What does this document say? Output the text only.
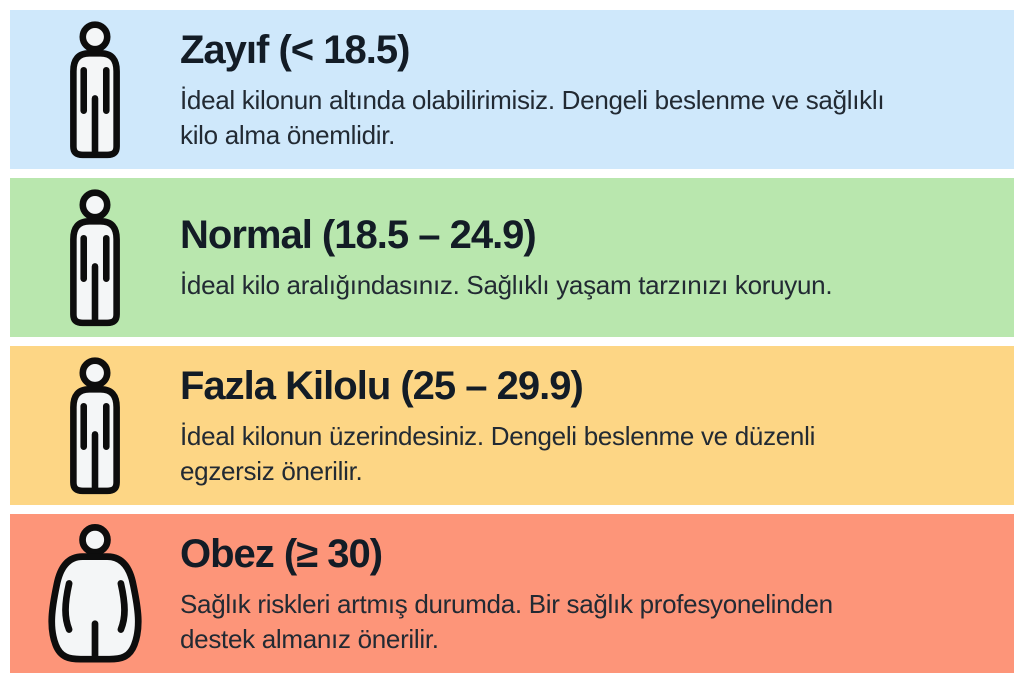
Zayıf (< 18.5)

İdeal kilonun altında olabilirimisiz. Dengeli beslenme ve sağlıklı
kilo alma önemlidir.

Normal (18.5 – 24.9)

İdeal kilo aralığındasınız. Sağlıklı yaşam tarzınızı koruyun.

Fazla Kilolu (25 – 29.9)

İdeal kilonun üzerindesiniz. Dengeli beslenme ve düzenli
egzersiz önerilir.

Obez (≥ 30)

Sağlık riskleri artmış durumda. Bir sağlık profesyonelinden
destek almanız önerilir.
